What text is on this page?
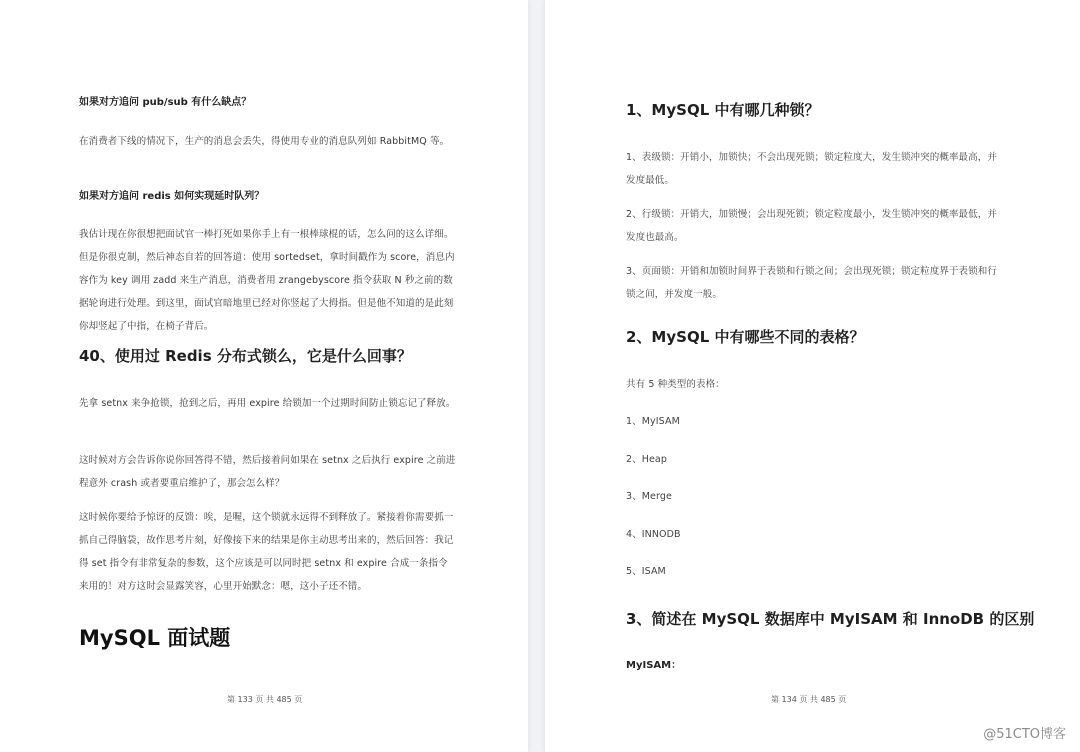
如果对方追问 pub/sub 有什么缺点？

在消费者下线的情况下，生产的消息会丢失，得使用专业的消息队列如 RabbitMQ 等。

如果对方追问 redis 如何实现延时队列？

我估计现在你很想把面试官一棒打死如果你手上有一根棒球棍的话，怎么问的这么详细。但是你很克制，然后神态自若的回答道：使用 sortedset，拿时间戳作为 score，消息内容作为 key 调用 zadd 来生产消息，消费者用 zrangebyscore 指令获取 N 秒之前的数据轮询进行处理。到这里，面试官暗地里已经对你竖起了大拇指。但是他不知道的是此刻你却竖起了中指，在椅子背后。

40、使用过 Redis 分布式锁么，它是什么回事？

先拿 setnx 来争抢锁，抢到之后，再用 expire 给锁加一个过期时间防止锁忘记了释放。

这时候对方会告诉你说你回答得不错，然后接着问如果在 setnx 之后执行 expire 之前进程意外 crash 或者要重启维护了，那会怎么样？

这时候你要给予惊讶的反馈：唉，是喔，这个锁就永远得不到释放了。紧接着你需要抓一抓自己得脑袋，故作思考片刻，好像接下来的结果是你主动思考出来的，然后回答：我记得 set 指令有非常复杂的参数，这个应该是可以同时把 setnx 和 expire 合成一条指令来用的！对方这时会显露笑容，心里开始默念：嗯，这小子还不错。

MySQL 面试题
第 133 页 共 485 页
1、MySQL 中有哪几种锁？

1、表级锁：开销小，加锁快；不会出现死锁；锁定粒度大，发生锁冲突的概率最高，并发度最低。

2、行级锁：开销大，加锁慢；会出现死锁；锁定粒度最小，发生锁冲突的概率最低，并发度也最高。

3、页面锁：开销和加锁时间界于表锁和行锁之间；会出现死锁；锁定粒度界于表锁和行锁之间，并发度一般。

2、MySQL 中有哪些不同的表格？

共有 5 种类型的表格：

1、MyISAM

2、Heap

3、Merge

4、INNODB

5、ISAM

3、简述在 MySQL 数据库中 MyISAM 和 InnoDB 的区别

MyISAM：

第 134 页 共 485 页
@51CTO博客
